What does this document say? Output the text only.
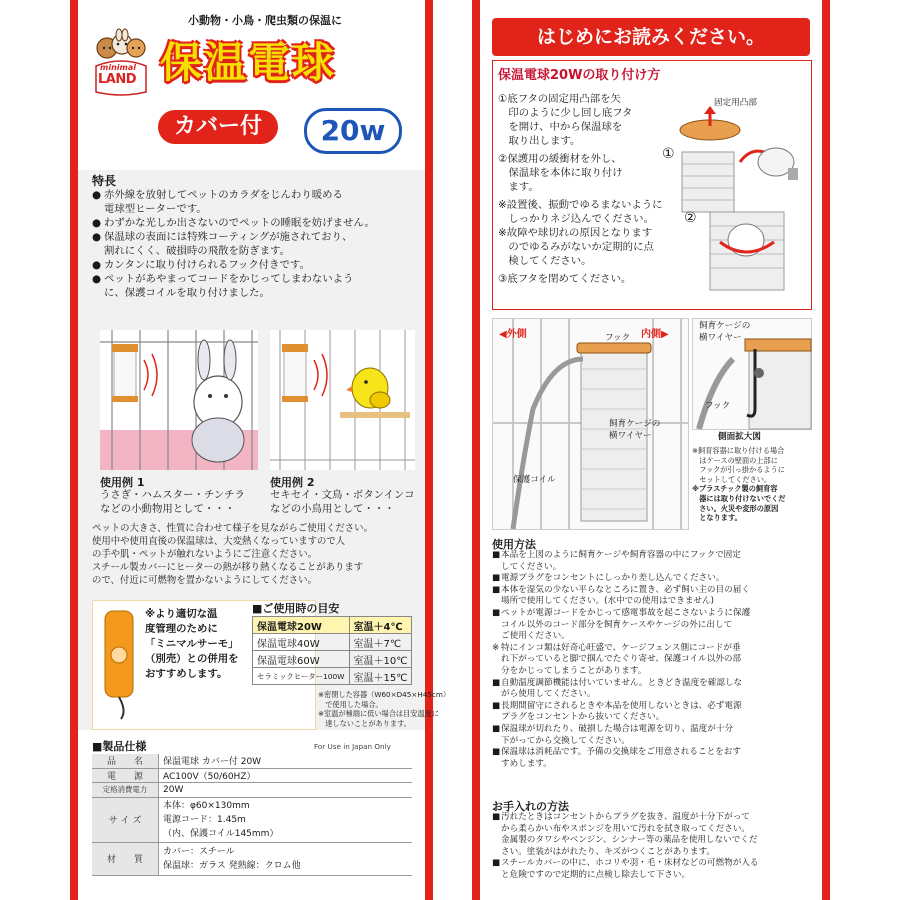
小動物・小鳥・爬虫類の保温に
minimal
LAND 保温電球
カバー付	20w
特長
● 赤外線を放射してペットのカラダをじんわり暖める
電球型ヒーターです。
● わずかな光しか出さないのでペットの睡眠を妨げません。
● 保温球の表面には特殊コーティングが施されており、
割れにくく、破損時の飛散を防ぎます。
● カンタンに取り付けられるフック付きです。
● ペットがあやまってコードをかじってしまわないよう
に、保護コイルを取り付けました。
使用例 1
うさぎ・ハムスター・チンチラ
などの小動物用として・・・
使用例 2
セキセイ・文鳥・ボタンインコ
などの小鳥用として・・・
ペットの大きさ、性質に合わせて様子を見ながらご使用ください。
使用中や使用直後の保温球は、大変熱くなっていますので人
の手や肌・ペットが触れないようにご注意ください。
スチール製カバーにヒーターの熱が移り熱くなることがあります
ので、付近に可燃物を置かないようにしてください。
※より適切な温
度管理のために
「ミニマルサーモ」
（別売）との併用を
おすすめします。
■ご使用時の目安
保温電球20W	室温＋4℃
保温電球40W	室温＋7℃
保温電球60W	室温＋10℃
セラミックヒーター100W	室温＋15℃
※密閉した容器（W60×D45×H45cm）
　で使用した場合。
※室温が極端に低い場合は目安温度に
　達しないことがあります。
■製品仕様	For Use in Japan Only
品　　名	保温電球 カバー付 20W
電　　源	AC100V（50/60HZ）
定格消費電力	20W
サ イ ズ	本体：φ60×130mm
電源コード：1.45m
（内、保護コイル145mm）

材　　質	カバー：スチール
保温球：ガラス 発熱線：クロム他
はじめにお読みください。
保温電球20Wの取り付け方
①底フタの固定用凸部を矢
　印のように少し回し底フタ
　を開け、中から保温球を
　取り出します。
②保護用の緩衝材を外し、
　保温球を本体に取り付け
　ます。
※設置後、振動でゆるまないように
　しっかりネジ込んでください。
※故障や球切れの原因となります
　のでゆるみがないか定期的に点
　検してください。
③底フタを閉めてください。
固定用凸部
①
②
◀外側	内側▶
フック
飼育ケージの
横ワイヤー
保護コイル
飼育ケージの
横ワイヤー
フック
側面拡大図
※飼育容器に取り付ける場合
　はケースの壁面の上部に
　フックが引っ掛かるように
　セットしてください。
※プラスチック製の飼育容
　器には取り付けないでくだ
　さい。火災や変形の原因
　となります。
使用方法
■ 本品を上図のように飼育ケージや飼育容器の中にフックで固定
してください。
■ 電源プラグをコンセントにしっかり差し込んでください。
■ 本体を湿気の少ない平らなところに置き、必ず飼い主の目の届く
場所で使用してください。(水中での使用はできません)
■ ペットが電源コードをかじって感電事故を起こさないように保護
コイル以外のコード部分を飼育ケースやケージの外に出して
ご使用ください。
※ 特にインコ類は好奇心旺盛で、ケージフェンス側にコードが垂
れ下がっていると脚で掴んでたぐり寄せ、保護コイル以外の部
分をかじってしまうことがあります。
■ 自動温度調節機能は付いていません。ときどき温度を確認しな
がら使用してください。
■ 長期間留守にされるときや本品を使用しないときは、必ず電源
プラグをコンセントから抜いてください。
■ 保温球が切れたり、破損した場合は電源を切り、温度が十分
下がってから交換してください。
■ 保温球は消耗品です。予備の交換球をご用意されることをおす
すめします。
お手入れの方法
■ 汚れたときはコンセントからプラグを抜き、温度が十分下がって
から柔らかい布やスポンジを用いて汚れを拭き取ってください。
金属製のタワシやベンジン、シンナー等の薬品を使用しないでくだ
さい。塗装がはがれたり、キズがつくことがあります。
■ スチールカバーの中に、ホコリや羽・毛・床材などの可燃物が入る
と危険ですので定期的に点検し除去して下さい。
